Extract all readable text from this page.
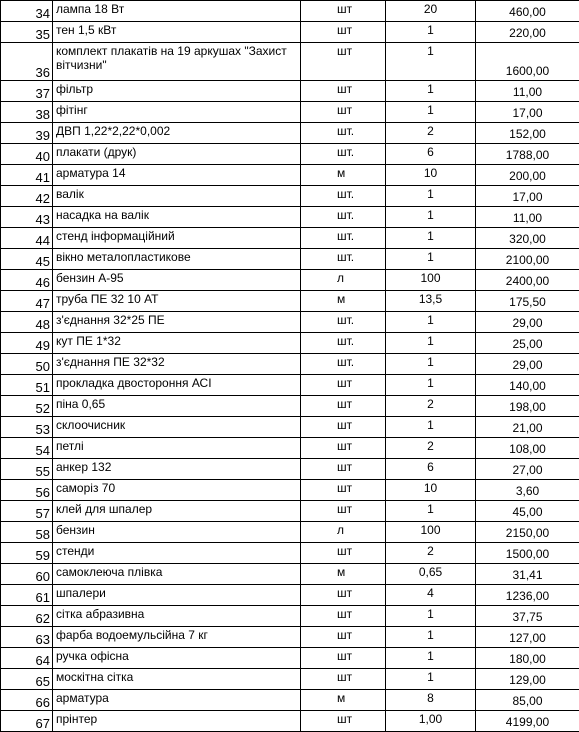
34	лампа 18 Вт	шт	20	460,00
35	тен 1,5 кВт	шт	1	220,00
36	комплект плакатів на 19 аркушах "Захист вітчизни"	шт	1	1600,00
37	фільтр	шт	1	11,00
38	фітінг	шт	1	17,00
39	ДВП 1,22*2,22*0,002	шт.	2	152,00
40	плакати (друк)	шт.	6	1788,00
41	арматура 14	м	10	200,00
42	валік	шт.	1	17,00
43	насадка на валік	шт.	1	11,00
44	стенд інформаційний	шт.	1	320,00
45	вікно металопластикове	шт.	1	2100,00
46	бензин А-95	л	100	2400,00
47	труба ПЕ 32 10 АТ	м	13,5	175,50
48	з'єднання 32*25 ПЕ	шт.	1	29,00
49	кут ПЕ 1*32	шт.	1	25,00
50	з'єднання ПЕ 32*32	шт.	1	29,00
51	прокладка двостороння АСІ	шт	1	140,00
52	піна 0,65	шт	2	198,00
53	склоочисник	шт	1	21,00
54	петлі	шт	2	108,00
55	анкер 132	шт	6	27,00
56	саморіз 70	шт	10	3,60
57	клей для шпалер	шт	1	45,00
58	бензин	л	100	2150,00
59	стенди	шт	2	1500,00
60	самоклеюча плівка	м	0,65	31,41
61	шпалери	шт	4	1236,00
62	сітка абразивна	шт	1	37,75
63	фарба водоемульсійна 7 кг	шт	1	127,00
64	ручка офісна	шт	1	180,00
65	москітна сітка	шт	1	129,00
66	арматура	м	8	85,00
67	прінтер	шт	1,00	4199,00
